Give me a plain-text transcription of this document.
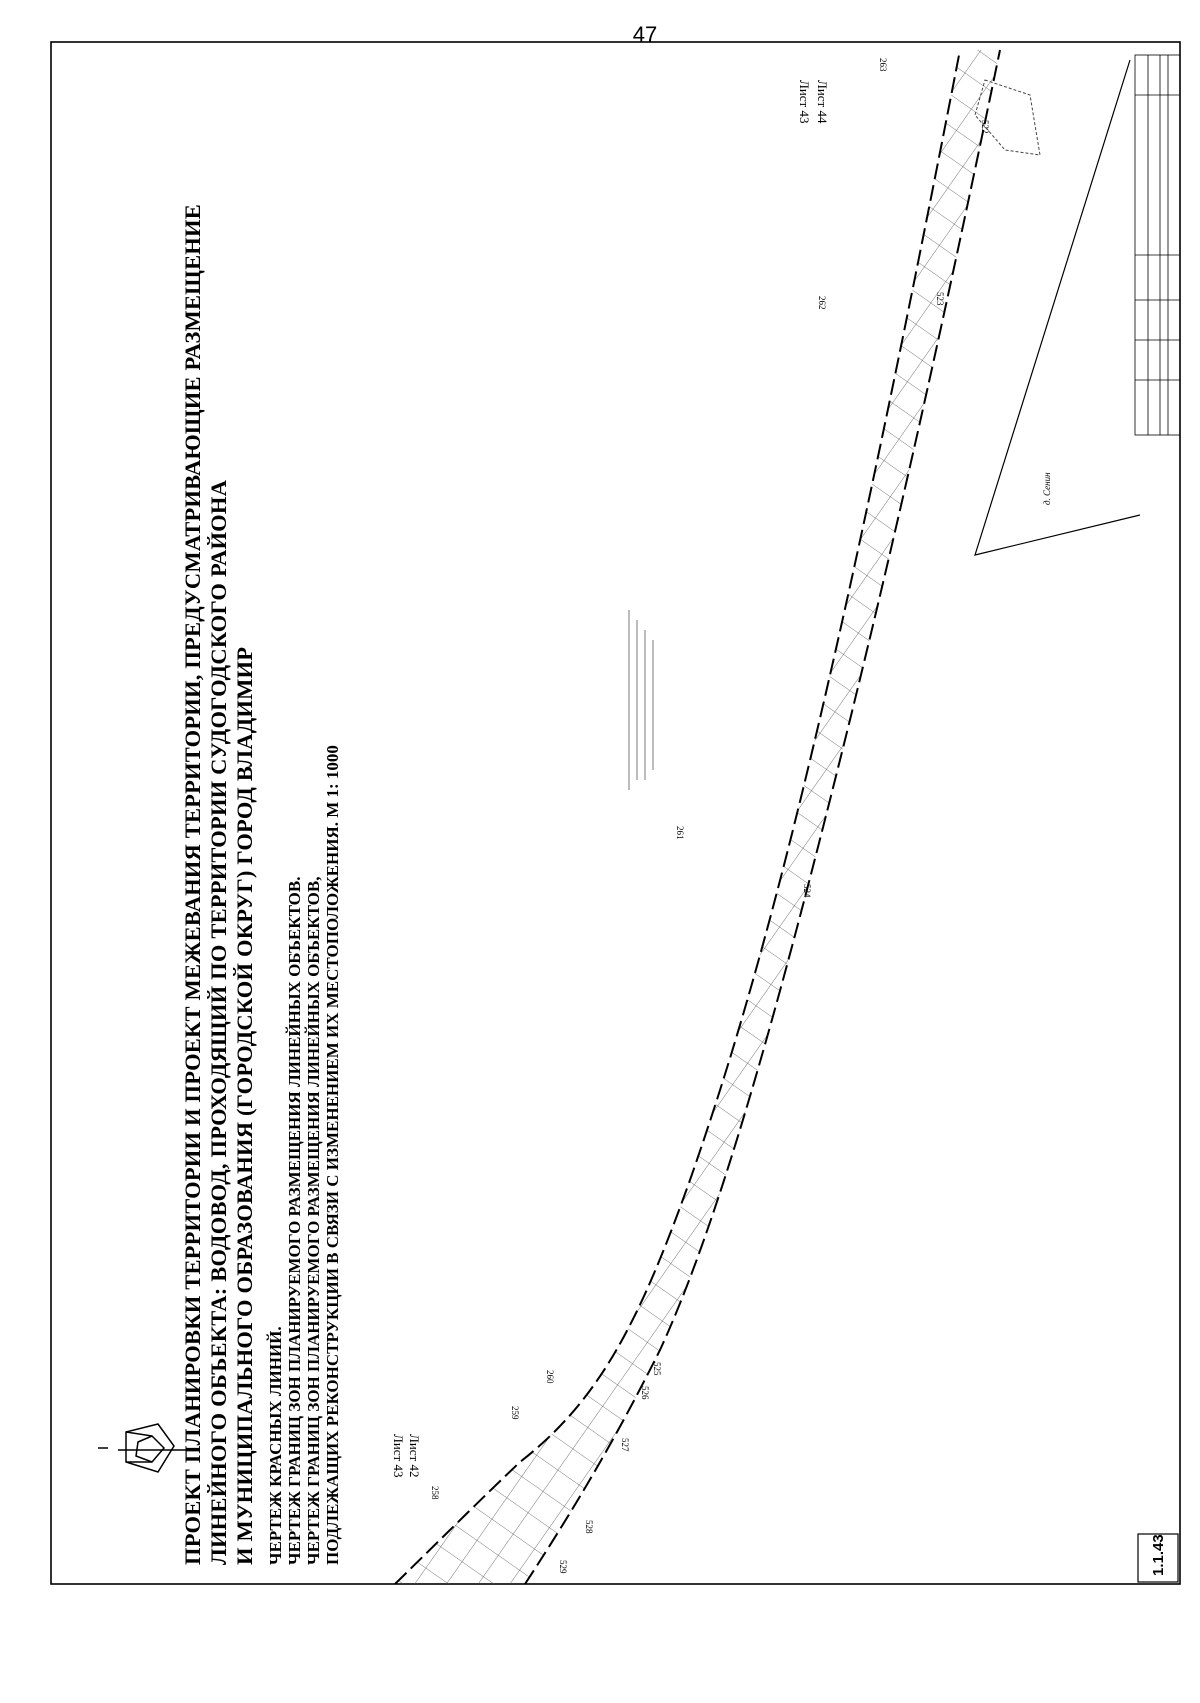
47
ПРОЕКТ ПЛАНИРОВКИ ТЕРРИТОРИИ И ПРОЕКТ МЕЖЕВАНИЯ ТЕРРИТОРИИ, ПРЕДУСМАТРИВАЮЩИЕ РАЗМЕЩЕНИЕ ЛИНЕЙНОГО ОБЪЕКТА: ВОДОВОД, ПРОХОДЯЩИЙ ПО ТЕРРИТОРИИ СУДОГОДСКОГО РАЙОНА И МУНИЦИПАЛЬНОГО ОБРАЗОВАНИЯ (ГОРОДСКОЙ ОКРУГ) ГОРОД ВЛАДИМИР ЧЕРТЕЖ КРАСНЫХ ЛИНИЙ. ЧЕРТЕЖ ГРАНИЦ ЗОН ПЛАНИРУЕМОГО РАЗМЕЩЕНИЯ ЛИНЕЙНЫХ ОБЪЕКТОВ. ЧЕРТЕЖ ГРАНИЦ ЗОН ПЛАНИРУЕМОГО РАЗМЕЩЕНИЯ ЛИНЕЙНЫХ ОБЪЕКТОВ, ПОДЛЕЖАЩИХ РЕКОНСТРУКЦИИ В СВЯЗИ С ИЗМЕНЕНИЕМ ИХ МЕСТОПОЛОЖЕНИЯ. М 1: 1000	1.1.43
Лист 42
Лист 43
Лист 43 Лист 44
258
259
260
261
262
263
529
528
527
526
525
524
523
522
д. Сенин
